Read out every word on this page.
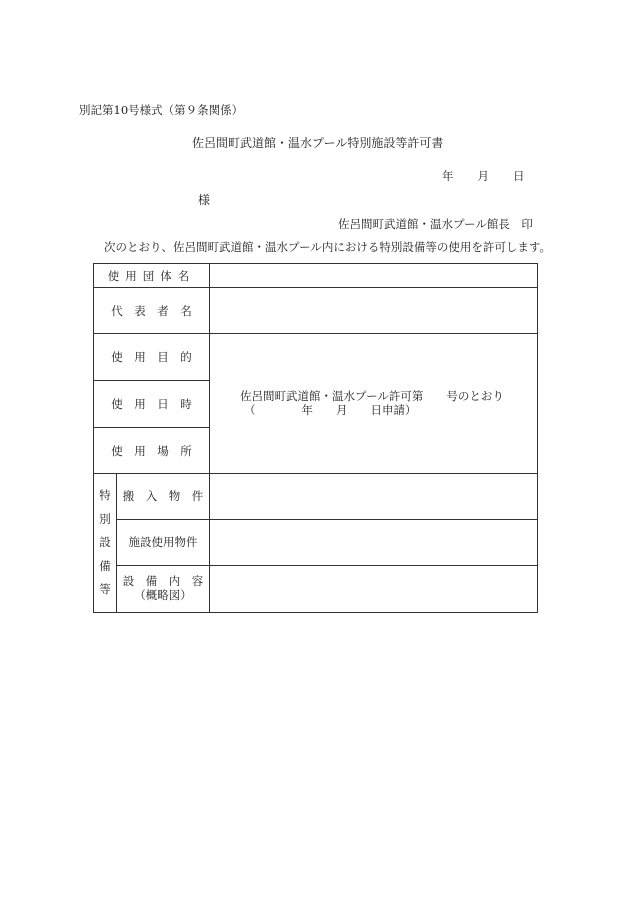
別記第10号様式（第９条関係）
佐呂間町武道館・温水プール特別施設等許可書
年 月 日
様
佐呂間町武道館・温水プール館長　印
次のとおり、佐呂間町武道館・温水プール内における特別設備等の使用を許可します。
使用団体名		
代　表　者　名		
使　用　目　的		佐呂間町武道館・温水プール許可第　　号のとおり
（　　　　年　　月　　日申請）

使　用　日　時		
使　用　場　所		

特
別
設
備
等	搬　入　物　件	
	施設使用物件	

	設　備　内　容
（概略図）	
